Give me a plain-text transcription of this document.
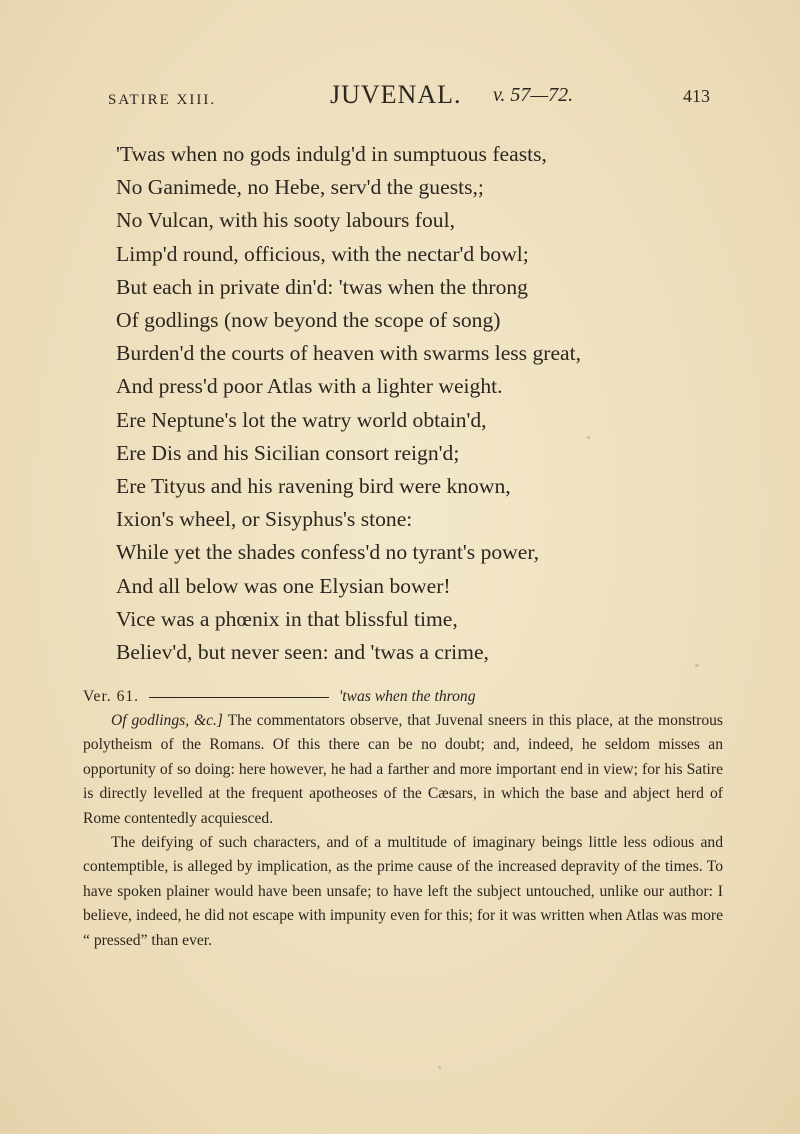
SATIRE XIII.	JUVENAL. v. 57—72.	413
'Twas when no gods indulg'd in sumptuous feasts,
No Ganimede, no Hebe, serv'd the guests,;
No Vulcan, with his sooty labours foul,
Limp'd round, officious, with the nectar'd bowl;
But each in private din'd: 'twas when the throng
Of godlings (now beyond the scope of song)
Burden'd the courts of heaven with swarms less great,
And press'd poor Atlas with a lighter weight.
Ere Neptune's lot the watry world obtain'd,
Ere Dis and his Sicilian consort reign'd;
Ere Tityus and his ravening bird were known,
Ixion's wheel, or Sisyphus's stone:
While yet the shades confess'd no tyrant's power,
And all below was one Elysian bower!
Vice was a phœnix in that blissful time,
Believ'd, but never seen: and 'twas a crime,
Ver. 61.	'twas when the throng

Of godlings, &c.] The commentators observe, that Juvenal sneers in this place, at the monstrous polytheism of the Romans. Of this there can be no doubt; and, indeed, he seldom misses an opportunity of so doing: here however, he had a farther and more important end in view; for his Satire is directly levelled at the frequent apotheoses of the Cæsars, in which the base and abject herd of Rome contentedly acquiesced.

The deifying of such characters, and of a multitude of imaginary beings little less odious and contemptible, is alleged by implication, as the prime cause of the increased depravity of the times. To have spoken plainer would have been unsafe; to have left the subject untouched, unlike our author: I believe, indeed, he did not escape with impunity even for this; for it was written when Atlas was more “ pressed” than ever.
